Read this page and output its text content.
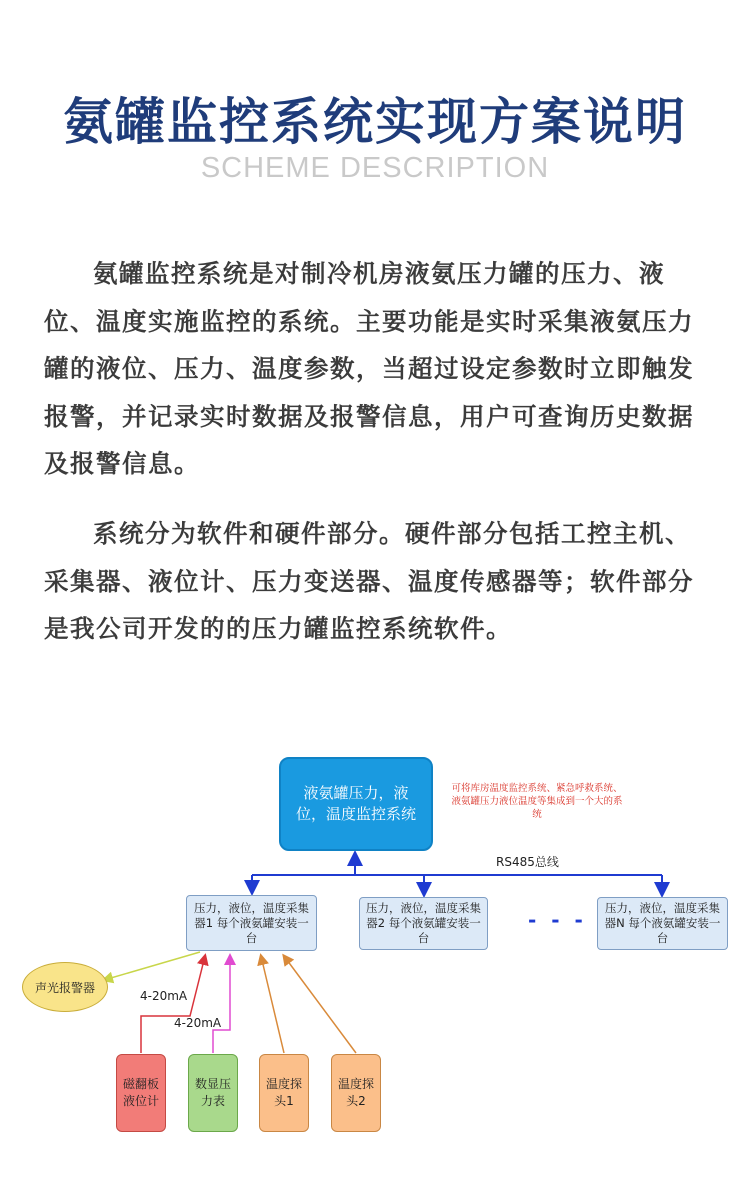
氨罐监控系统实现方案说明
SCHEME DESCRIPTION

氨罐监控系统是对制冷机房液氨压力罐的压力、液位、温度实施监控的系统。主要功能是实时采集液氨压力罐的液位、压力、温度参数，当超过设定参数时立即触发报警，并记录实时数据及报警信息，用户可查询历史数据及报警信息。

系统分为软件和硬件部分。硬件部分包括工控主机、采集器、液位计、压力变送器、温度传感器等；软件部分是我公司开发的的压力罐监控系统软件。

液氨罐压力，液位，温度监控系统
可将库房温度监控系统、紧急呼救系统、液氨罐压力液位温度等集成到一个大的系统
RS485总线
压力，液位，温度采集器1 每个液氨罐安装一台
压力，液位，温度采集器2 每个液氨罐安装一台
- - -	压力，液位，温度采集器N 每个液氨罐安装一台
声光报警器
4-20mA
4-20mA
磁翻板液位计
数显压力表
温度探头1
温度探头2
